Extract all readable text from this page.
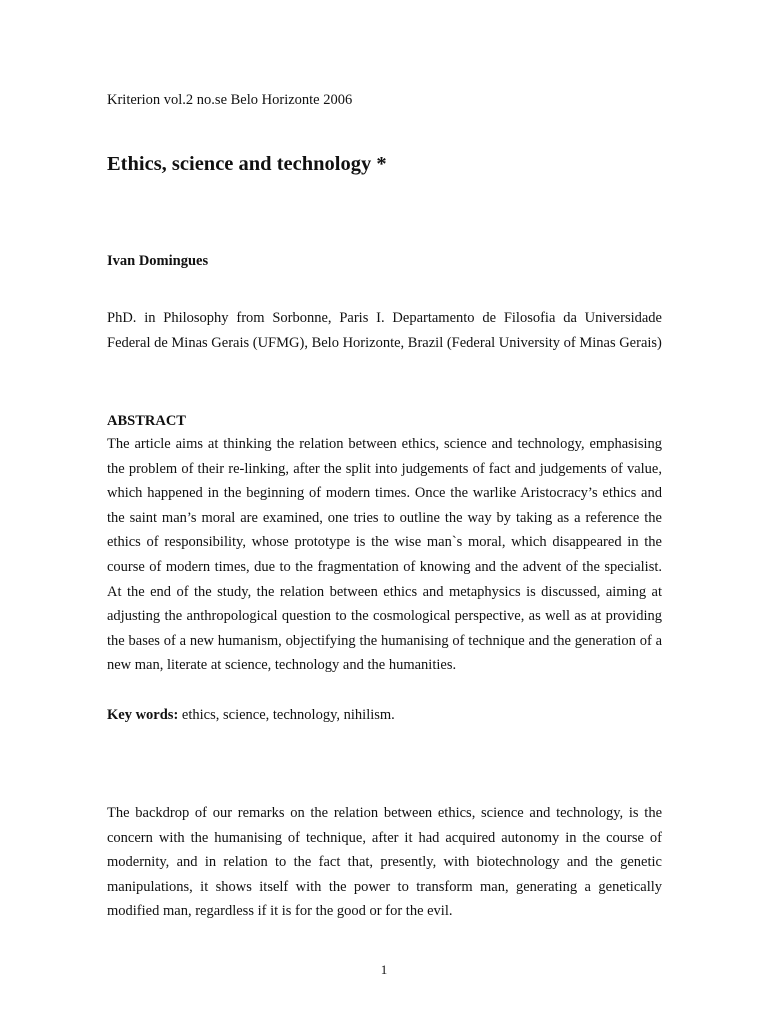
Kriterion vol.2 no.se Belo Horizonte 2006
Ethics, science and technology *
Ivan Domingues

PhD. in Philosophy from Sorbonne, Paris I. Departamento de Filosofia da Universidade Federal de Minas Gerais (UFMG), Belo Horizonte, Brazil (Federal University of Minas Gerais)

ABSTRACT

The article aims at thinking the relation between ethics, science and technology, emphasising the problem of their re-linking, after the split into judgements of fact and judgements of value, which happened in the beginning of modern times. Once the warlike Aristocracy’s ethics and the saint man’s moral are examined, one tries to outline the way by taking as a reference the ethics of responsibility, whose prototype is the wise man`s moral, which disappeared in the course of modern times, due to the fragmentation of knowing and the advent of the specialist. At the end of the study, the relation between ethics and metaphysics is discussed, aiming at adjusting the anthropological question to the cosmological perspective, as well as at providing the bases of a new humanism, objectifying the humanising of technique and the generation of a new man, literate at science, technology and the humanities.

Key words: ethics, science, technology, nihilism.

The backdrop of our remarks on the relation between ethics, science and technology, is the concern with the humanising of technique, after it had acquired autonomy in the course of modernity, and in relation to the fact that, presently, with biotechnology and the genetic manipulations, it shows itself with the power to transform man, generating a genetically modified man, regardless if it is for the good or for the evil.

1
